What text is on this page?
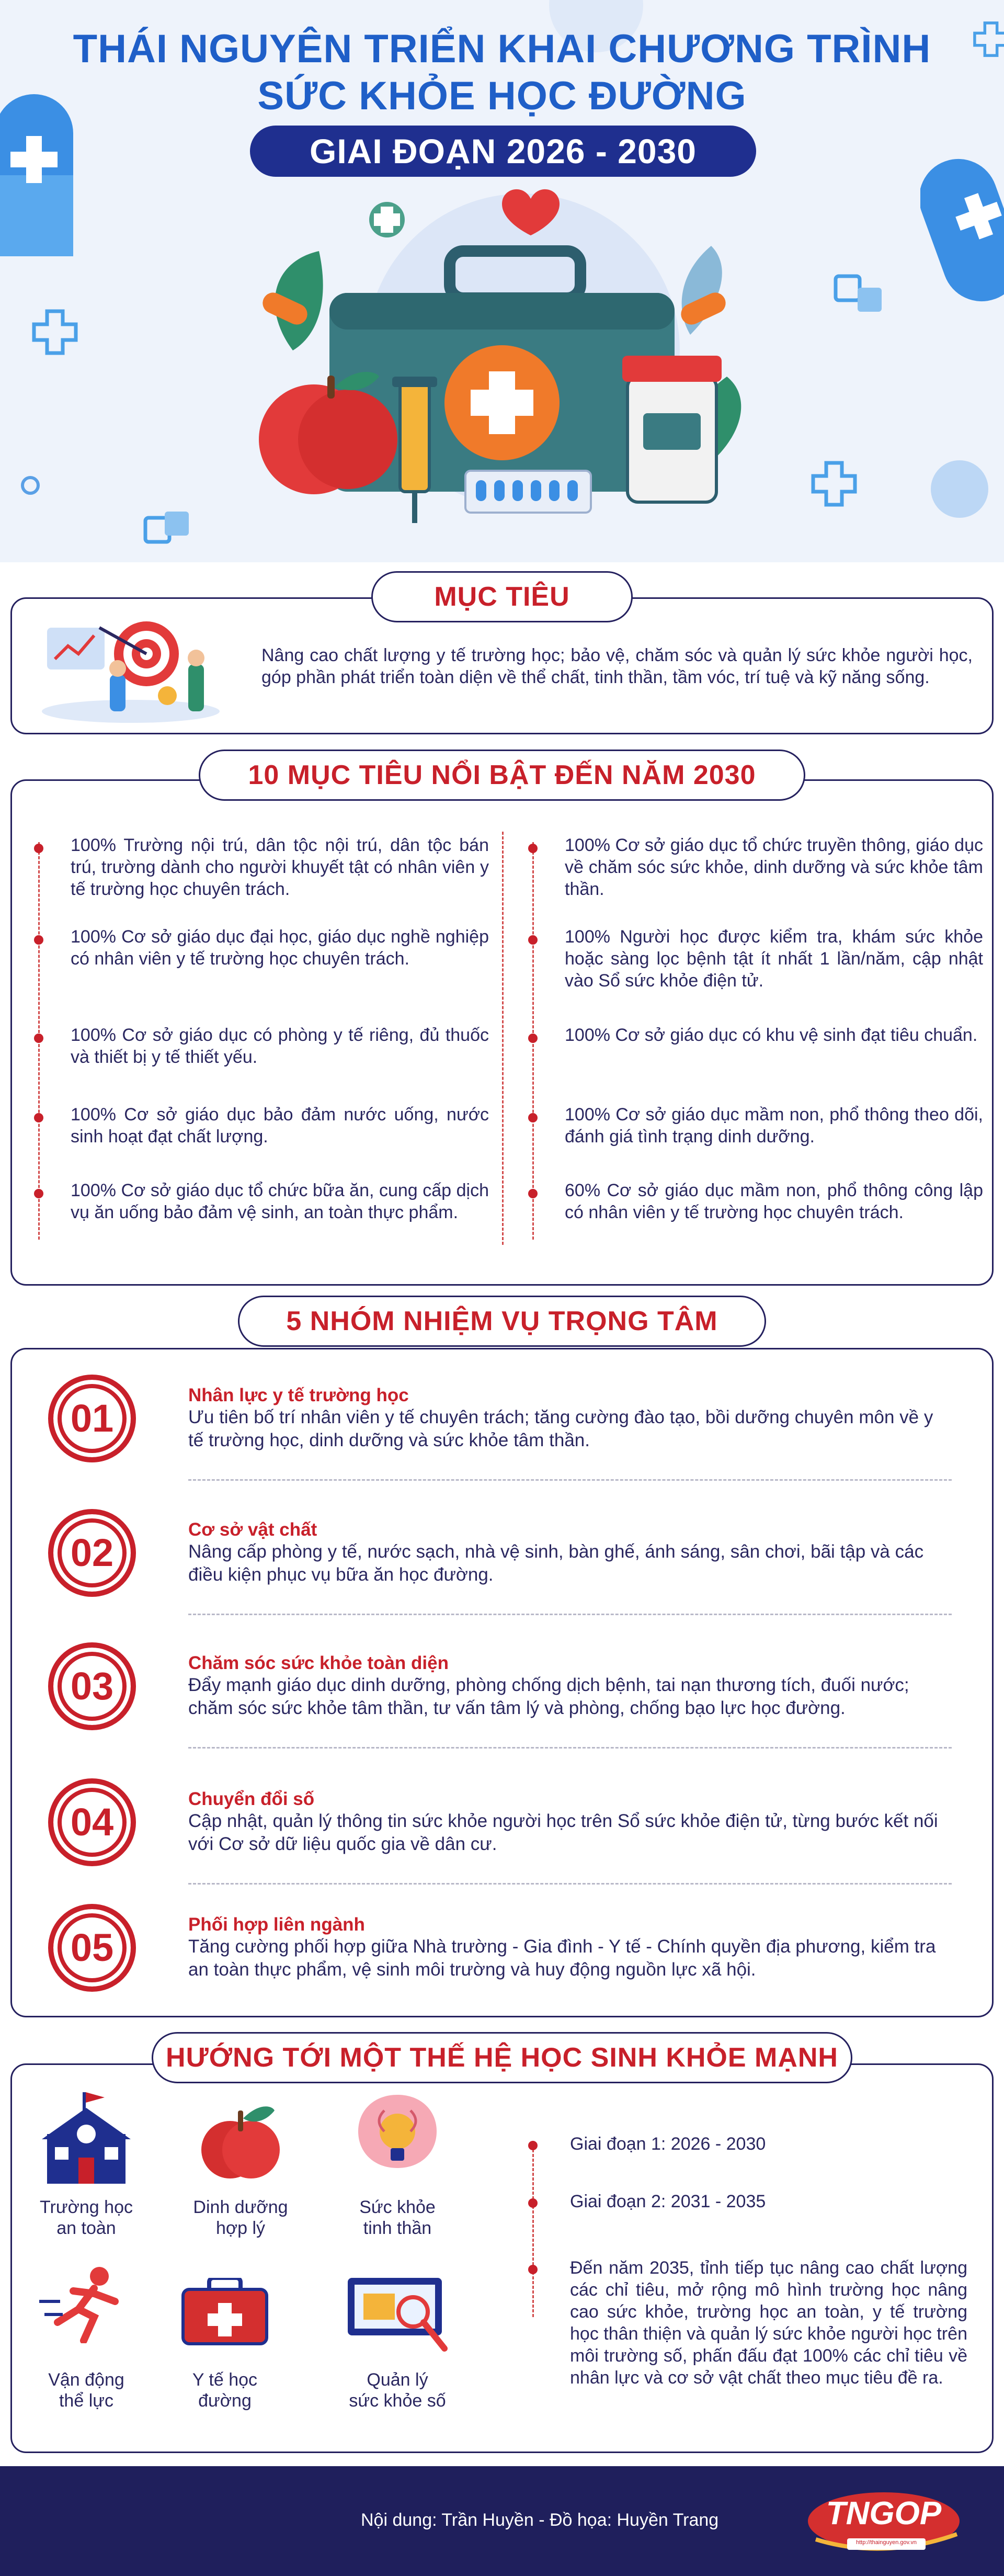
THÁI NGUYÊN TRIỂN KHAI CHƯƠNG TRÌNH
SỨC KHỎE HỌC ĐƯỜNG
GIAI ĐOẠN 2026 - 2030
MỤC TIÊU
Nâng cao chất lượng y tế trường học; bảo vệ, chăm sóc và quản lý sức khỏe người học, góp phần phát triển toàn diện về thể chất, tinh thần, tầm vóc, trí tuệ và kỹ năng sống.
10 MỤC TIÊU NỔI BẬT ĐẾN NĂM 2030
100% Trường nội trú, dân tộc nội trú, dân tộc bán trú, trường dành cho người khuyết tật có nhân viên y tế trường học chuyên trách.
100% Cơ sở giáo dục đại học, giáo dục nghề nghiệp có nhân viên y tế trường học chuyên trách.
100% Cơ sở giáo dục có phòng y tế riêng, đủ thuốc và thiết bị y tế thiết yếu.
100% Cơ sở giáo dục bảo đảm nước uống, nước sinh hoạt đạt chất lượng.
100% Cơ sở giáo dục tổ chức bữa ăn, cung cấp dịch vụ ăn uống bảo đảm vệ sinh, an toàn thực phẩm.
100% Cơ sở giáo dục tổ chức truyền thông, giáo dục về chăm sóc sức khỏe, dinh dưỡng và sức khỏe tâm thần.
100% Người học được kiểm tra, khám sức khỏe hoặc sàng lọc bệnh tật ít nhất 1 lần/năm, cập nhật vào Sổ sức khỏe điện tử.
100% Cơ sở giáo dục có khu vệ sinh đạt tiêu chuẩn.
100% Cơ sở giáo dục mầm non, phổ thông theo dõi, đánh giá tình trạng dinh dưỡng.
60% Cơ sở giáo dục mầm non, phổ thông công lập có nhân viên y tế trường học chuyên trách.
5 NHÓM NHIỆM VỤ TRỌNG TÂM
01
Nhân lực y tế trường học
Ưu tiên bố trí nhân viên y tế chuyên trách; tăng cường đào tạo, bồi dưỡng chuyên môn về y tế trường học, dinh dưỡng và sức khỏe tâm thần.
02
Cơ sở vật chất
Nâng cấp phòng y tế, nước sạch, nhà vệ sinh, bàn ghế, ánh sáng, sân chơi, bãi tập và các điều kiện phục vụ bữa ăn học đường.
03
Chăm sóc sức khỏe toàn diện
Đẩy mạnh giáo dục dinh dưỡng, phòng chống dịch bệnh, tai nạn thương tích, đuối nước; chăm sóc sức khỏe tâm thần, tư vấn tâm lý và phòng, chống bạo lực học đường.
04
Chuyển đổi số
Cập nhật, quản lý thông tin sức khỏe người học trên Sổ sức khỏe điện tử, từng bước kết nối với Cơ sở dữ liệu quốc gia về dân cư.
05
Phối hợp liên ngành
Tăng cường phối hợp giữa Nhà trường - Gia đình - Y tế - Chính quyền địa phương, kiểm tra an toàn thực phẩm, vệ sinh môi trường và huy động nguồn lực xã hội.
HƯỚNG TỚI MỘT THẾ HỆ HỌC SINH KHỎE MẠNH
Trường học
an toàn
Dinh dưỡng
hợp lý
Sức khỏe
tinh thần
Vận động
thể lực
Y tế học
đường
Quản lý
sức khỏe số
Giai đoạn 1: 2026 - 2030
Giai đoạn 2: 2031 - 2035
Đến năm 2035, tỉnh tiếp tục nâng cao chất lượng các chỉ tiêu, mở rộng mô hình trường học nâng cao sức khỏe, trường học an toàn, y tế trường học thân thiện và quản lý sức khỏe người học trên môi trường số, phấn đấu đạt 100% các chỉ tiêu về nhân lực và cơ sở vật chất theo mục tiêu đề ra.
Nội dung: Trần Huyền - Đồ họa: Huyền Trang	TNGOP
http://thainguyen.gov.vn
